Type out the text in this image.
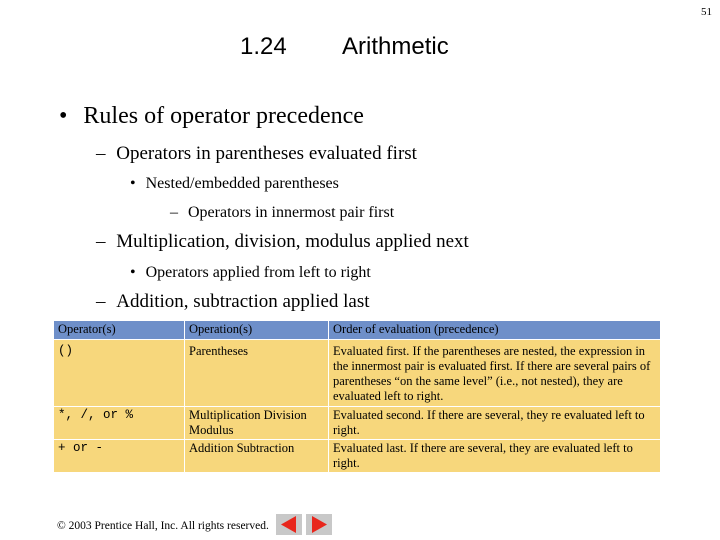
51
1.24 Arithmetic
• Rules of operator precedence
– Operators in parentheses evaluated first
• Nested/embedded parentheses
– Operators in innermost pair first
– Multiplication, division, modulus applied next
• Operators applied from left to right
– Addition, subtraction applied last
Operator(s)	Operation(s)	Order of evaluation (precedence)
()	Parentheses	Evaluated first. If the parentheses are nested, the expression in the innermost pair is evaluated first. If there are several pairs of parentheses “on the same level” (i.e., not nested), they are evaluated left to right.
*, /, or %	Multiplication Division Modulus	Evaluated second. If there are several, they re evaluated left to right.
+ or -	Addition Subtraction	Evaluated last. If there are several, they are evaluated left to right.
© 2003 Prentice Hall, Inc. All rights reserved.
